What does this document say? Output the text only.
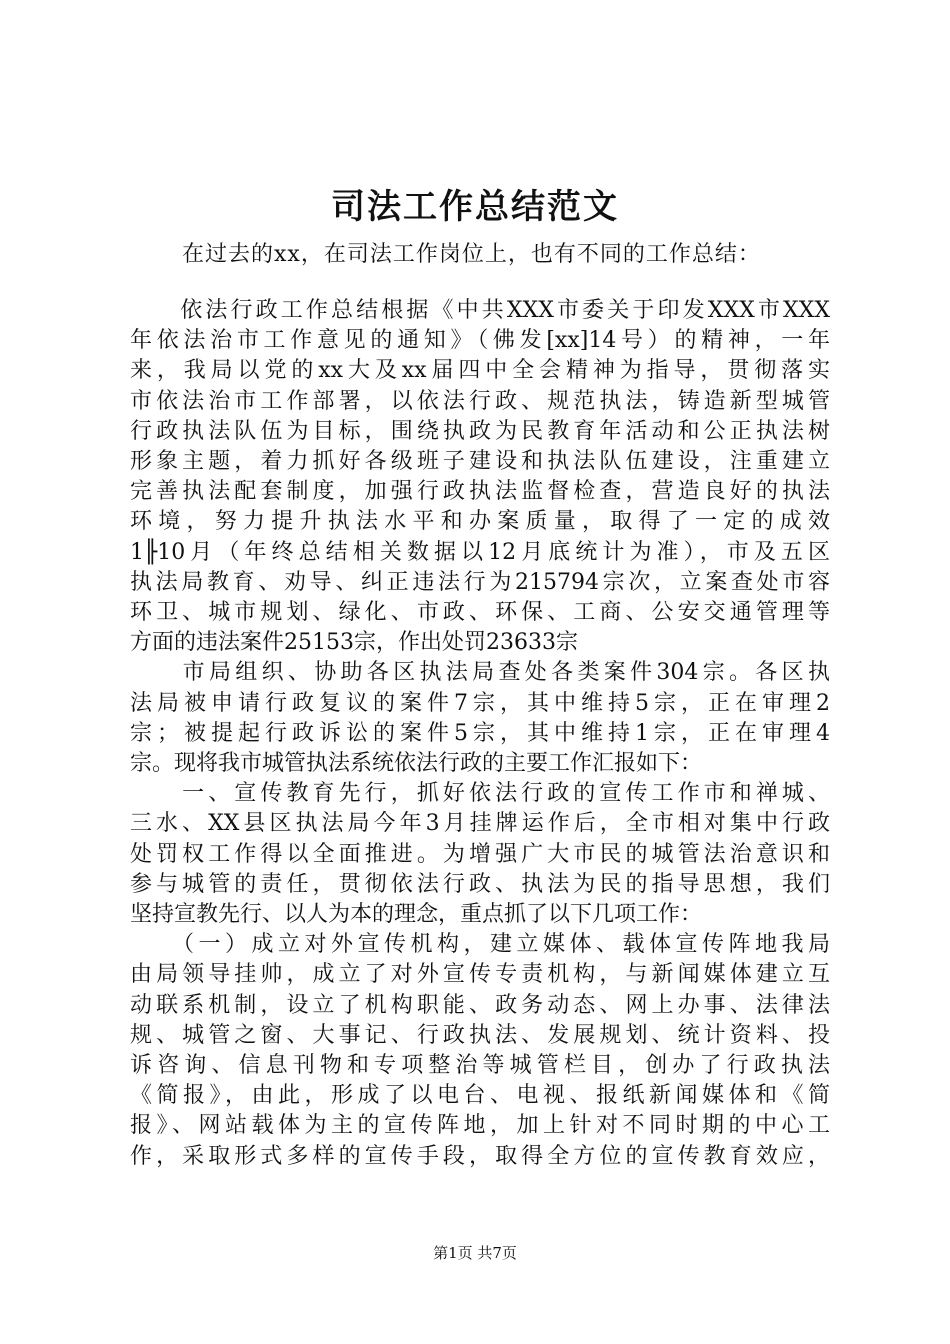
司法工作总结范文
在过去的xx，在司法工作岗位上，也有不同的工作总结：
　　依法行政工作总结根据《中共XXX市委关于印发XXX市XXX
年依法治市工作意见的通知》（佛发[xx]14号）的精神，一年
来，我局以党的xx大及xx届四中全会精神为指导，贯彻落实
市依法治市工作部署，以依法行政、规范执法，铸造新型城管
行政执法队伍为目标，围绕执政为民教育年活动和公正执法树
形象主题，着力抓好各级班子建设和执法队伍建设，注重建立
完善执法配套制度，加强行政执法监督检查，营造良好的执法
环境，努力提升执法水平和办案质量，取得了一定的成效
1╟10月（年终总结相关数据以12月底统计为准），市及五区
执法局教育、劝导、纠正违法行为215794宗次，立案查处市容
环卫、城市规划、绿化、市政、环保、工商、公安交通管理等
方面的违法案件25153宗，作出处罚23633宗
　　市局组织、协助各区执法局查处各类案件304宗。各区执
法局被申请行政复议的案件7宗，其中维持5宗，正在审理2
宗；被提起行政诉讼的案件5宗，其中维持1宗，正在审理4
宗。现将我市城管执法系统依法行政的主要工作汇报如下：
　　一、宣传教育先行，抓好依法行政的宣传工作市和禅城、
三水、XX县区执法局今年3月挂牌运作后，全市相对集中行政
处罚权工作得以全面推进。为增强广大市民的城管法治意识和
参与城管的责任，贯彻依法行政、执法为民的指导思想，我们
坚持宣教先行、以人为本的理念，重点抓了以下几项工作：
　　（一）成立对外宣传机构，建立媒体、载体宣传阵地我局
由局领导挂帅，成立了对外宣传专责机构，与新闻媒体建立互
动联系机制，设立了机构职能、政务动态、网上办事、法律法
规、城管之窗、大事记、行政执法、发展规划、统计资料、投
诉咨询、信息刊物和专项整治等城管栏目，创办了行政执法
《简报》，由此，形成了以电台、电视、报纸新闻媒体和《简
报》、网站载体为主的宣传阵地，加上针对不同时期的中心工
作，采取形式多样的宣传手段，取得全方位的宣传教育效应，
第1页 共7页
